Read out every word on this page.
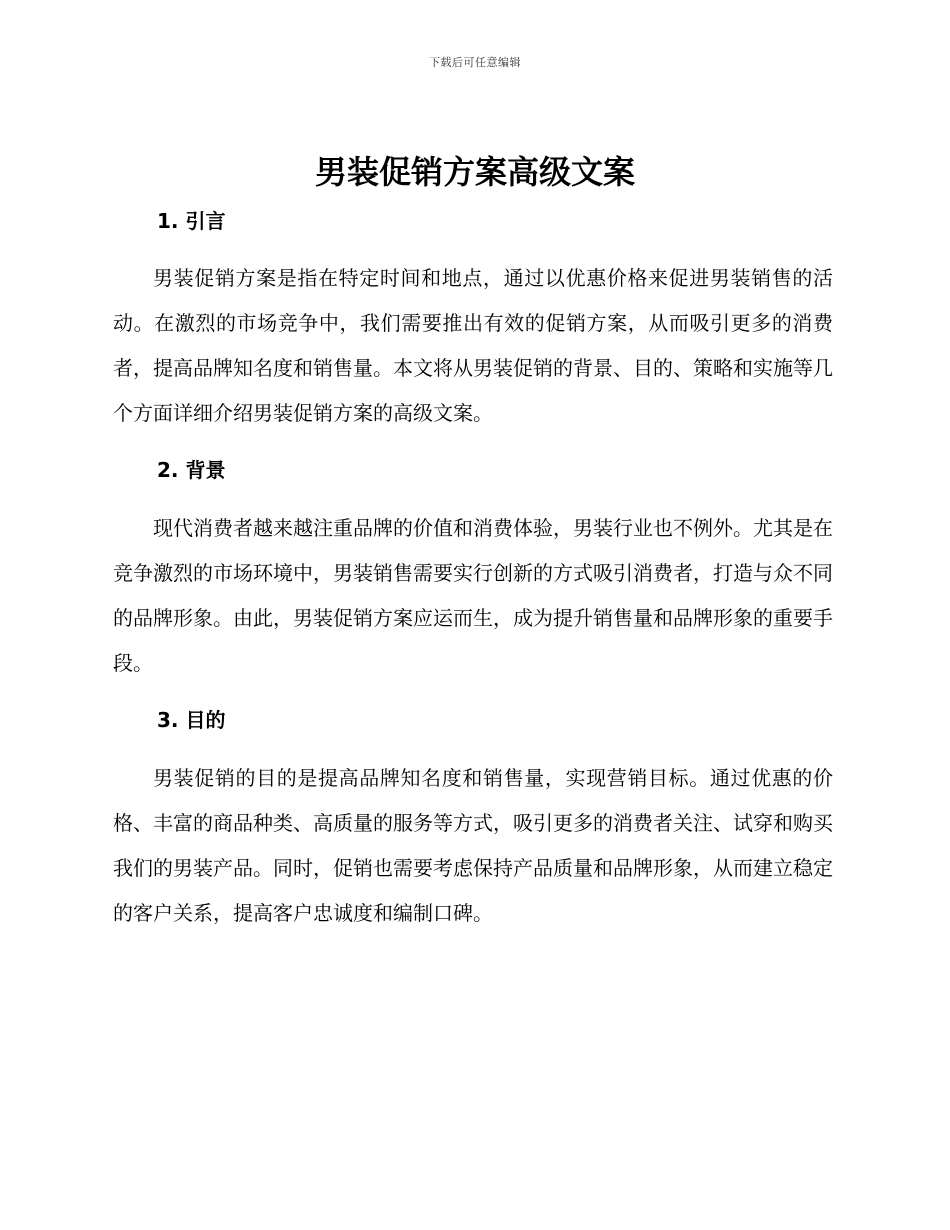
下载后可任意编辑
男装促销方案高级文案
1. 引言

男装促销方案是指在特定时间和地点，通过以优惠价格来促进男装销售的活动。在激烈的市场竞争中，我们需要推出有效的促销方案，从而吸引更多的消费者，提高品牌知名度和销售量。本文将从男装促销的背景、目的、策略和实施等几个方面详细介绍男装促销方案的高级文案。

2. 背景

现代消费者越来越注重品牌的价值和消费体验，男装行业也不例外。尤其是在竞争激烈的市场环境中，男装销售需要实行创新的方式吸引消费者，打造与众不同的品牌形象。由此，男装促销方案应运而生，成为提升销售量和品牌形象的重要手段。

3. 目的

男装促销的目的是提高品牌知名度和销售量，实现营销目标。通过优惠的价格、丰富的商品种类、高质量的服务等方式，吸引更多的消费者关注、试穿和购买我们的男装产品。同时，促销也需要考虑保持产品质量和品牌形象，从而建立稳定的客户关系，提高客户忠诚度和编制口碑。
